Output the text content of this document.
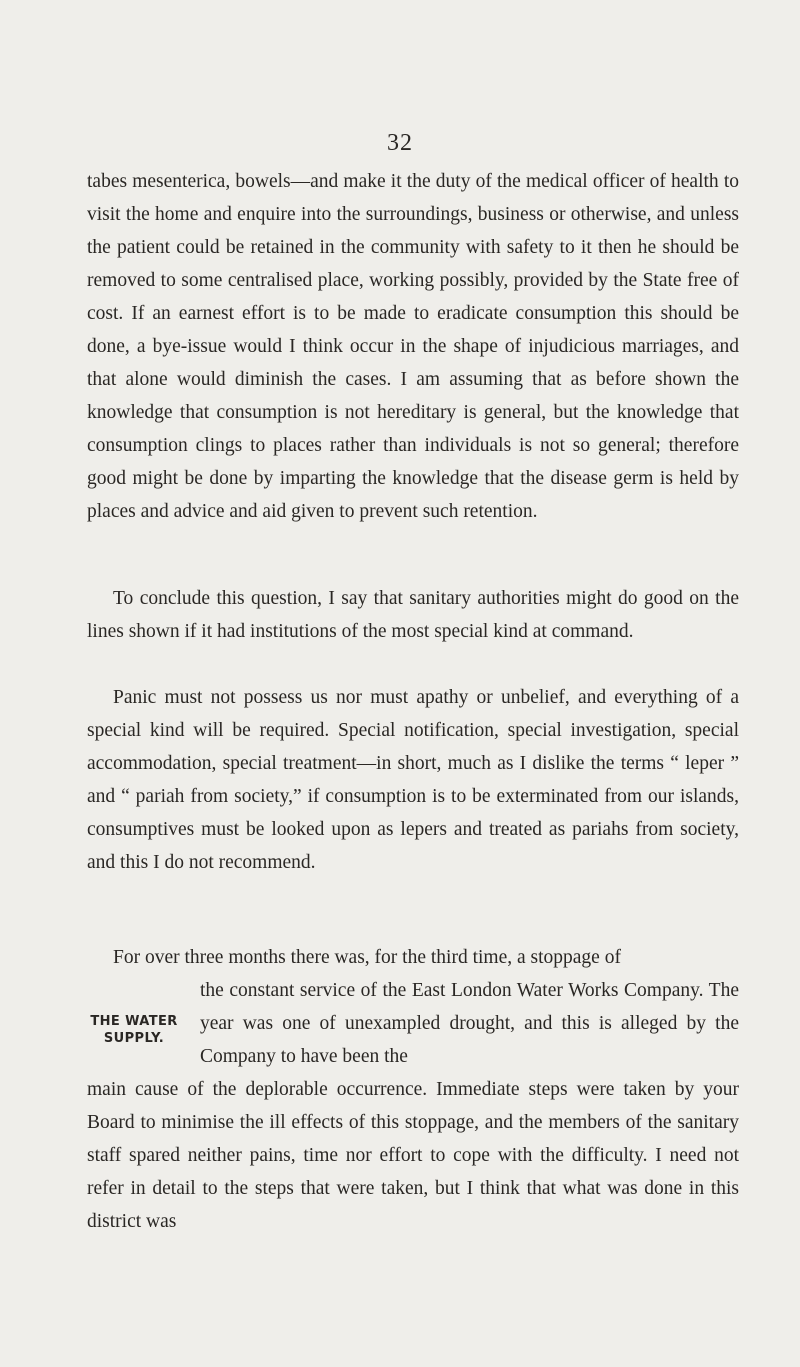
32

tabes mesenterica, bowels—and make it the duty of the medical officer of health to visit the home and enquire into the surroundings, business or otherwise, and unless the patient could be retained in the community with safety to it then he should be removed to some centralised place, working possibly, provided by the State free of cost. If an earnest effort is to be made to eradicate consumption this should be done, a bye-issue would I think occur in the shape of injudicious marriages, and that alone would diminish the cases. I am assuming that as before shown the knowledge that consumption is not hereditary is general, but the knowledge that consumption clings to places rather than individuals is not so general; therefore good might be done by imparting the knowledge that the disease germ is held by places and advice and aid given to prevent such retention.

To conclude this question, I say that sanitary authorities might do good on the lines shown if it had institutions of the most special kind at command.

Panic must not possess us nor must apathy or unbelief, and everything of a special kind will be required. Special notification, special investigation, special accommodation, special treatment—in short, much as I dislike the terms “ leper ” and “ pariah from society,” if consumption is to be exterminated from our islands, consumptives must be looked upon as lepers and treated as pariahs from society, and this I do not recommend.

THE WATER SUPPLY.
For over three months there was, for the third time, a stoppage of
the constant service of the East London Water Works Company. The year was one of unexampled drought, and this is alleged by the Company to have been the
main cause of the deplorable occurrence. Immediate steps were taken by your Board to minimise the ill effects of this stoppage, and the members of the sanitary staff spared neither pains, time nor effort to cope with the difficulty. I need not refer in detail to the steps that were taken, but I think that what was done in this district was
